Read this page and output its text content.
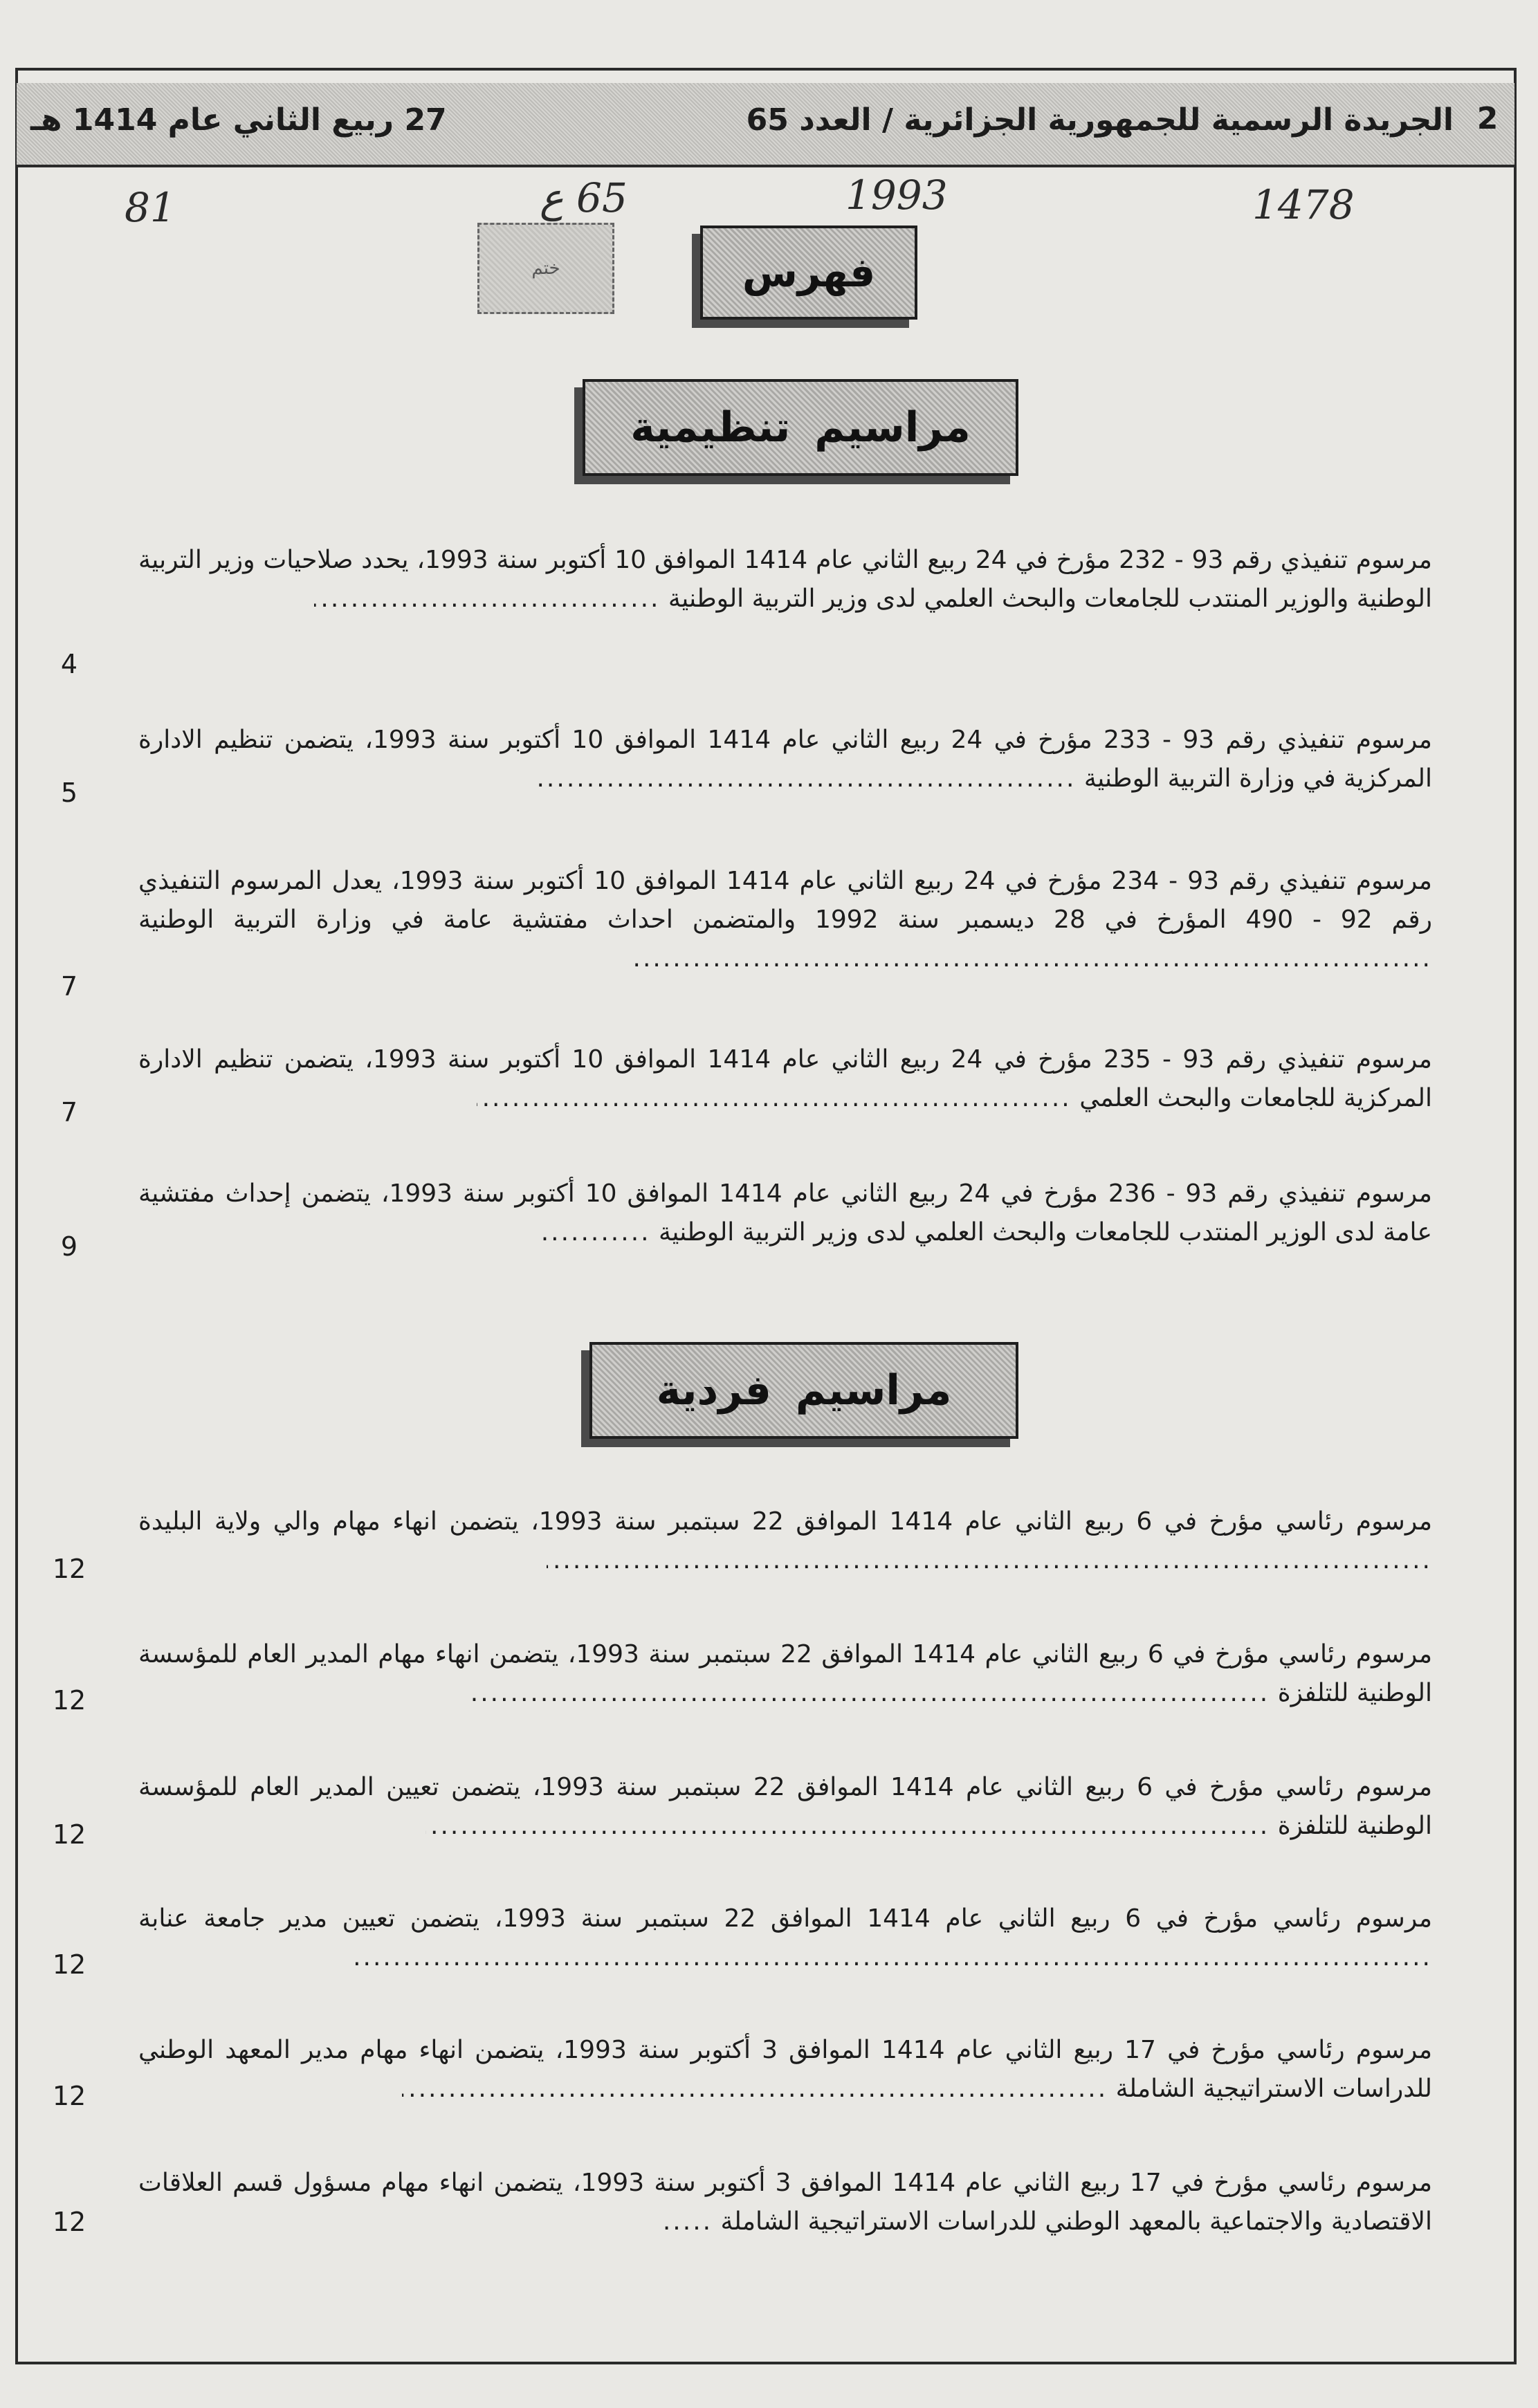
2
الجريدة الرسمية للجمهورية الجزائرية / العدد 65
27 ربيع الثاني عام 1414 هـ
1478
1993
65 ع
81
ختم	فهرس
مراسيم تنظيمية
مرسوم تنفيذي رقم 93 - 232 مؤرخ في 24 ربيع الثاني عام 1414 الموافق 10 أكتوبر سنة 1993، يحدد صلاحيات وزير التربية الوطنية والوزير المنتدب للجامعات والبحث العلمي لدى وزير التربية الوطنية .....
4
مرسوم تنفيذي رقم 93 - 233 مؤرخ في 24 ربيع الثاني عام 1414 الموافق 10 أكتوبر سنة 1993، يتضمن تنظيم الادارة المركزية في وزارة التربية الوطنية .....
5
مرسوم تنفيذي رقم 93 - 234 مؤرخ في 24 ربيع الثاني عام 1414 الموافق 10 أكتوبر سنة 1993، يعدل المرسوم التنفيذي رقم 92 - 490 المؤرخ في 28 ديسمبر سنة 1992 والمتضمن احداث مفتشية عامة في وزارة التربية الوطنية .....
7
مرسوم تنفيذي رقم 93 - 235 مؤرخ في 24 ربيع الثاني عام 1414 الموافق 10 أكتوبر سنة 1993، يتضمن تنظيم الادارة المركزية للجامعات والبحث العلمي .....
7
مرسوم تنفيذي رقم 93 - 236 مؤرخ في 24 ربيع الثاني عام 1414 الموافق 10 أكتوبر سنة 1993، يتضمن إحداث مفتشية عامة لدى الوزير المنتدب للجامعات والبحث العلمي لدى وزير التربية الوطنية .....
9
مراسيم فردية
مرسوم رئاسي مؤرخ في 6 ربيع الثاني عام 1414 الموافق 22 سبتمبر سنة 1993، يتضمن انهاء مهام والي ولاية البليدة .....
12
مرسوم رئاسي مؤرخ في 6 ربيع الثاني عام 1414 الموافق 22 سبتمبر سنة 1993، يتضمن انهاء مهام المدير العام للمؤسسة الوطنية للتلفزة .....
12
مرسوم رئاسي مؤرخ في 6 ربيع الثاني عام 1414 الموافق 22 سبتمبر سنة 1993، يتضمن تعيين المدير العام للمؤسسة الوطنية للتلفزة .....
12
مرسوم رئاسي مؤرخ في 6 ربيع الثاني عام 1414 الموافق 22 سبتمبر سنة 1993، يتضمن تعيين مدير جامعة عنابة .....
12
مرسوم رئاسي مؤرخ في 17 ربيع الثاني عام 1414 الموافق 3 أكتوبر سنة 1993، يتضمن انهاء مهام مدير المعهد الوطني للدراسات الاستراتيجية الشاملة .....
12
مرسوم رئاسي مؤرخ في 17 ربيع الثاني عام 1414 الموافق 3 أكتوبر سنة 1993، يتضمن انهاء مهام مسؤول قسم العلاقات الاقتصادية والاجتماعية بالمعهد الوطني للدراسات الاستراتيجية الشاملة .....
12
